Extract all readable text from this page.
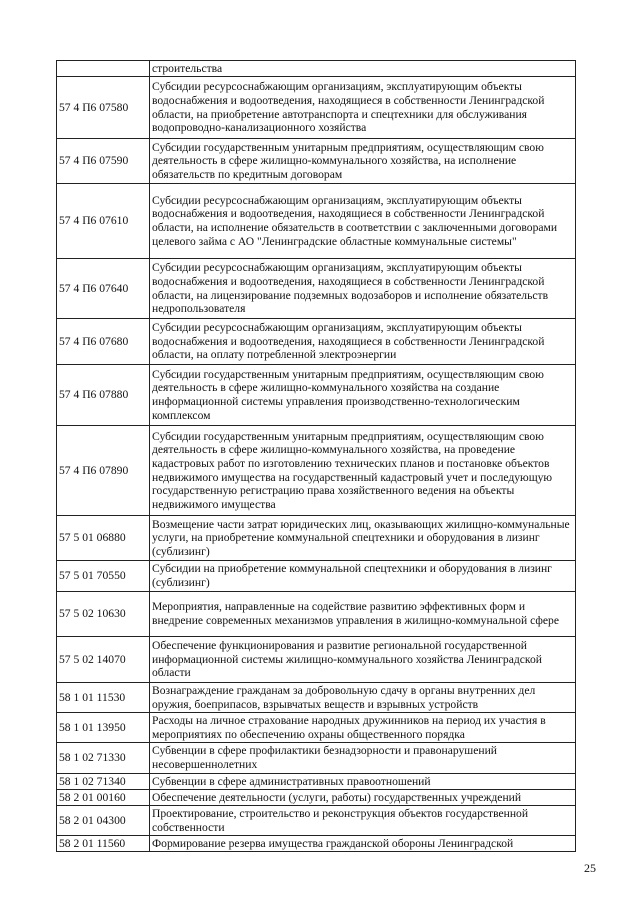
	строительства
57 4 П6 07580	Субсидии ресурсоснабжающим организациям, эксплуатирующим объекты водоснабжения и водоотведения, находящиеся в собственности Ленинградской области, на приобретение автотранспорта и спецтехники для обслуживания водопроводно-канализационного хозяйства
57 4 П6 07590	Субсидии государственным унитарным предприятиям, осуществляющим свою деятельность в сфере жилищно-коммунального хозяйства, на исполнение обязательств по кредитным договорам
57 4 П6 07610	Субсидии ресурсоснабжающим организациям, эксплуатирующим объекты водоснабжения и водоотведения, находящиеся в собственности Ленинградской области, на исполнение обязательств в соответствии с заключенными договорами целевого займа с АО "Ленинградские областные коммунальные системы"
57 4 П6 07640	Субсидии ресурсоснабжающим организациям, эксплуатирующим объекты водоснабжения и водоотведения, находящиеся в собственности Ленинградской области, на лицензирование подземных водозаборов и исполнение обязательств недропользователя
57 4 П6 07680	Субсидии ресурсоснабжающим организациям, эксплуатирующим объекты водоснабжения и водоотведения, находящиеся в собственности Ленинградской области, на оплату потребленной электроэнергии
57 4 П6 07880	Субсидии государственным унитарным предприятиям, осуществляющим свою деятельность в сфере жилищно-коммунального хозяйства на создание информационной системы управления производственно-технологическим комплексом
57 4 П6 07890	Субсидии государственным унитарным предприятиям, осуществляющим свою деятельность в сфере жилищно-коммунального хозяйства, на проведение кадастровых работ по изготовлению технических планов и постановке объектов недвижимого имущества на государственный кадастровый учет и последующую государственную регистрацию права хозяйственного ведения на объекты недвижимого имущества
57 5 01 06880	Возмещение части затрат юридических лиц, оказывающих жилищно-коммунальные услуги, на приобретение коммунальной спецтехники и оборудования в лизинг (сублизинг)
57 5 01 70550	Субсидии на приобретение коммунальной спецтехники и оборудования в лизинг (сублизинг)
57 5 02 10630	Мероприятия, направленные на содействие развитию эффективных форм и внедрение современных механизмов управления в жилищно-коммунальной сфере
57 5 02 14070	Обеспечение функционирования и развитие региональной государственной информационной системы жилищно-коммунального хозяйства Ленинградской области
58 1 01 11530	Вознаграждение гражданам за добровольную сдачу в органы внутренних дел оружия, боеприпасов, взрывчатых веществ и взрывных устройств
58 1 01 13950	Расходы на личное страхование народных дружинников на период их участия в мероприятиях по обеспечению охраны общественного порядка
58 1 02 71330	Субвенции в сфере профилактики безнадзорности и правонарушений несовершеннолетних
58 1 02 71340	Субвенции в сфере административных правоотношений
58 2 01 00160	Обеспечение деятельности (услуги, работы) государственных учреждений
58 2 01 04300	Проектирование, строительство и реконструкция объектов государственной собственности
58 2 01 11560	Формирование резерва имущества гражданской обороны Ленинградской
25
